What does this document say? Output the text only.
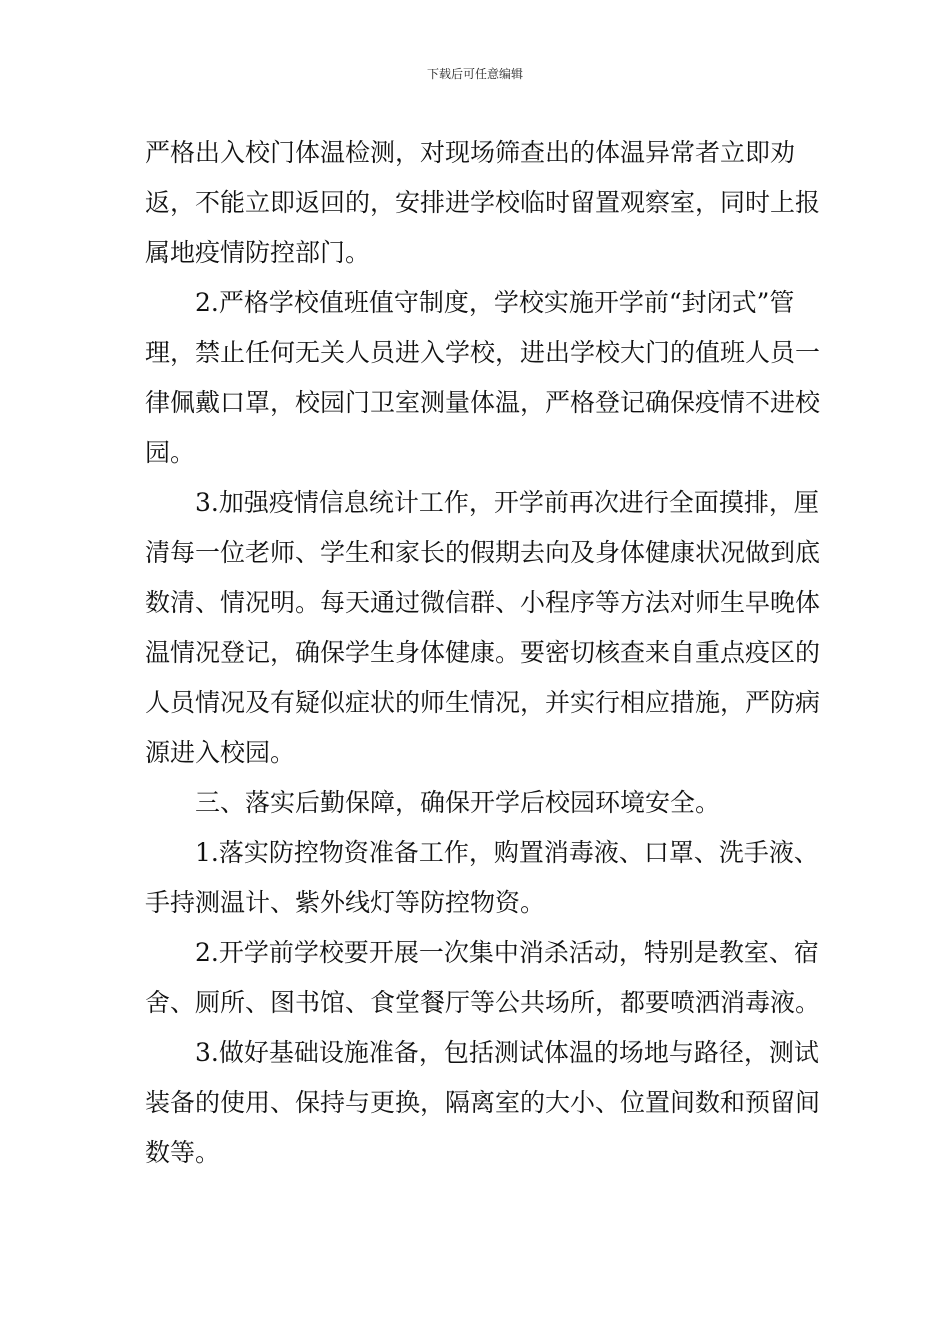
下载后可任意编辑

严格出入校门体温检测，对现场筛查出的体温异常者立即劝返，不能立即返回的，安排进学校临时留置观察室，同时上报属地疫情防控部门。

2.严格学校值班值守制度，学校实施开学前“封闭式”管理，禁止任何无关人员进入学校，进出学校大门的值班人员一律佩戴口罩，校园门卫室测量体温，严格登记确保疫情不进校园。

3.加强疫情信息统计工作，开学前再次进行全面摸排，厘清每一位老师、学生和家长的假期去向及身体健康状况做到底数清、情况明。每天通过微信群、小程序等方法对师生早晚体温情况登记，确保学生身体健康。要密切核查来自重点疫区的人员情况及有疑似症状的师生情况，并实行相应措施，严防病源进入校园。

三、落实后勤保障，确保开学后校园环境安全。

1.落实防控物资准备工作，购置消毒液、口罩、洗手液、手持测温计、紫外线灯等防控物资。

2.开学前学校要开展一次集中消杀活动，特别是教室、宿舍、厕所、图书馆、食堂餐厅等公共场所，都要喷洒消毒液。

3.做好基础设施准备，包括测试体温的场地与路径，测试装备的使用、保持与更换，隔离室的大小、位置间数和预留间数等。
